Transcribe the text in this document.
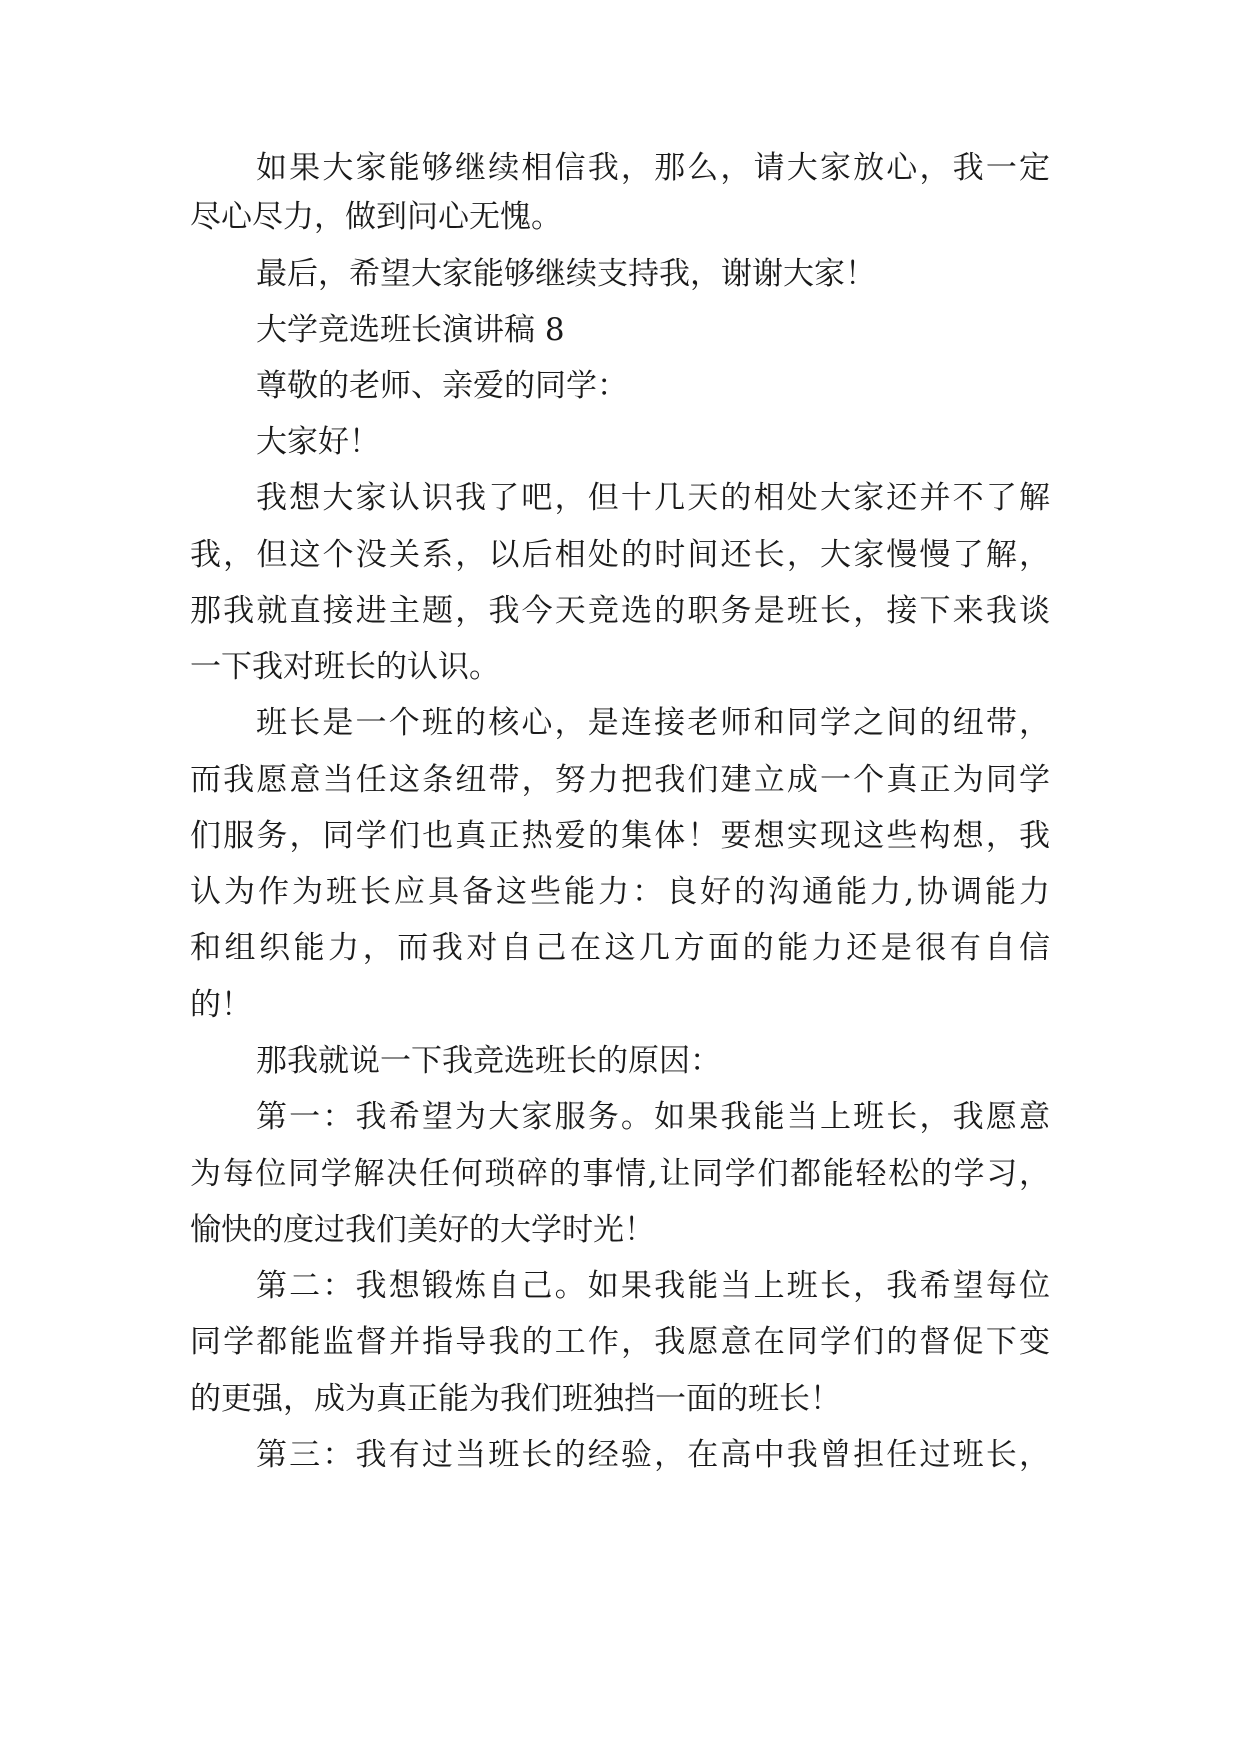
如果大家能够继续相信我，那么，请大家放心，我一定
尽心尽力，做到问心无愧。
最后，希望大家能够继续支持我，谢谢大家！
大学竞选班长演讲稿 8
尊敬的老师、亲爱的同学：
大家好！
我想大家认识我了吧，但十几天的相处大家还并不了解
我，但这个没关系，以后相处的时间还长，大家慢慢了解，
那我就直接进主题，我今天竞选的职务是班长，接下来我谈
一下我对班长的认识。
班长是一个班的核心，是连接老师和同学之间的纽带，
而我愿意当任这条纽带，努力把我们建立成一个真正为同学
们服务，同学们也真正热爱的集体！要想实现这些构想，我
认为作为班长应具备这些能力：良好的沟通能力,协调能力
和组织能力，而我对自己在这几方面的能力还是很有自信
的！
那我就说一下我竞选班长的原因：
第一：我希望为大家服务。如果我能当上班长，我愿意
为每位同学解决任何琐碎的事情,让同学们都能轻松的学习，
愉快的度过我们美好的大学时光！
第二：我想锻炼自己。如果我能当上班长，我希望每位
同学都能监督并指导我的工作，我愿意在同学们的督促下变
的更强，成为真正能为我们班独挡一面的班长！
第三：我有过当班长的经验，在高中我曾担任过班长，
